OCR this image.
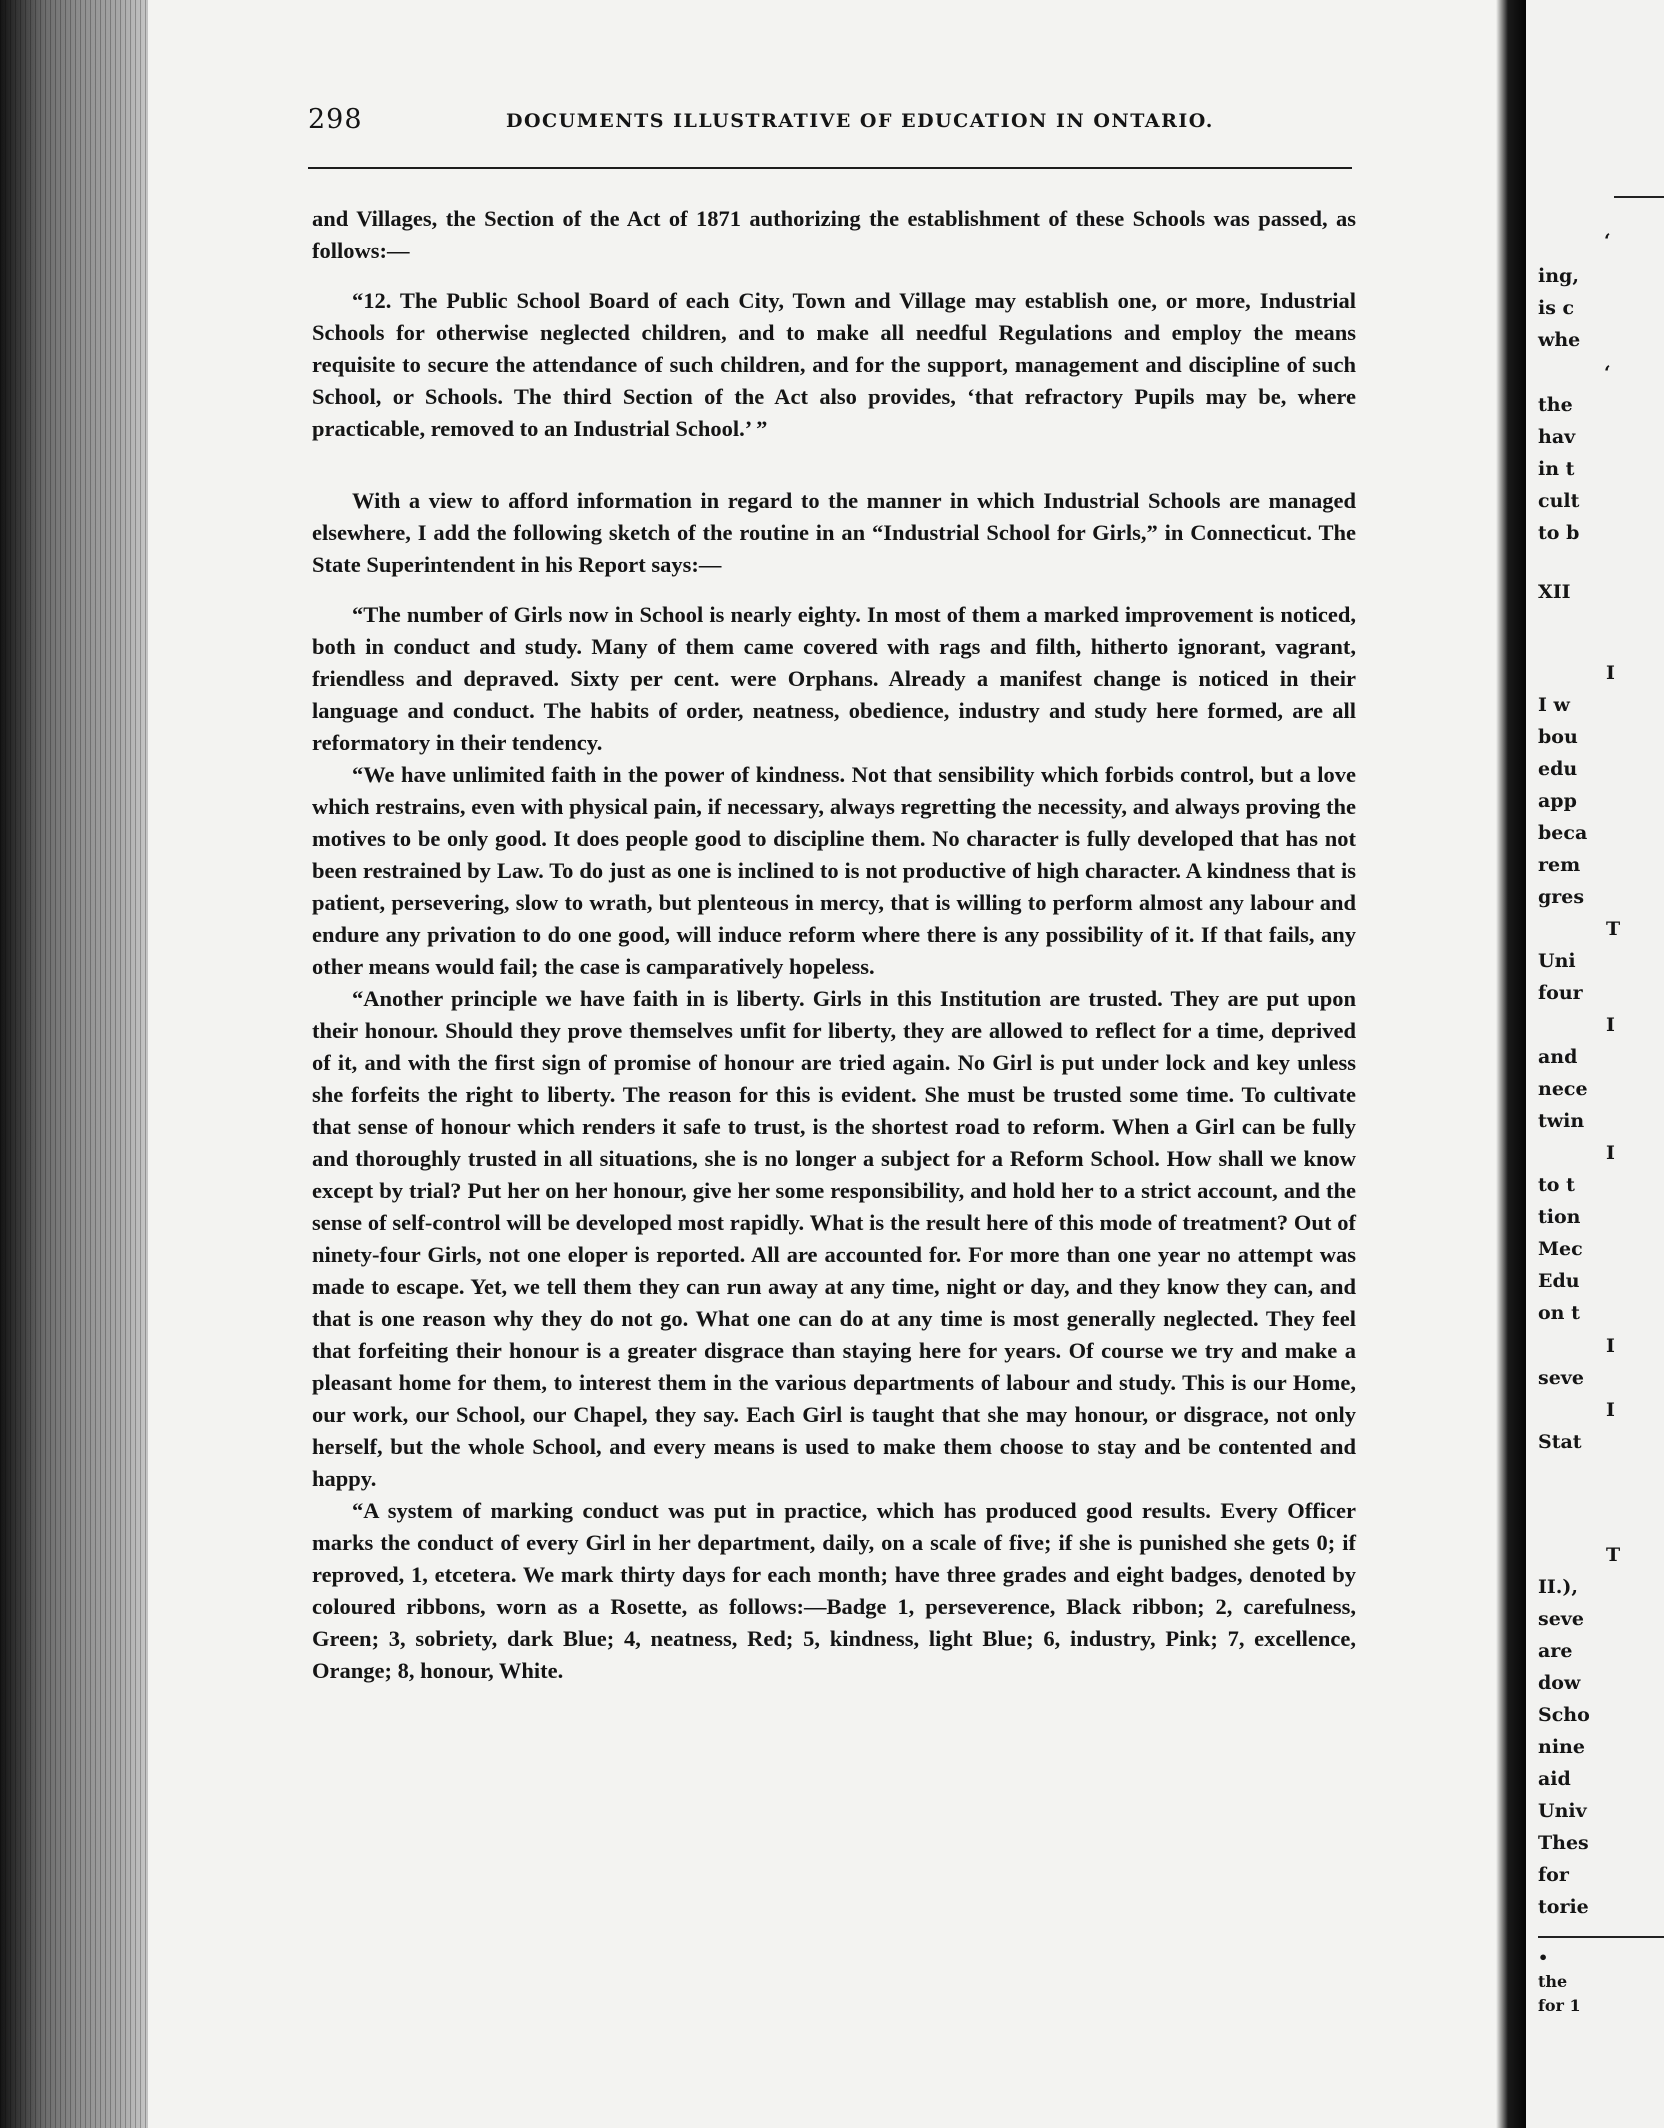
298	DOCUMENTS ILLUSTRATIVE OF EDUCATION IN ONTARIO.

and Villages, the Section of the Act of 1871 authorizing the establishment of these Schools was passed, as follows:—

“12. The Public School Board of each City, Town and Village may establish one, or more, Industrial Schools for otherwise neglected children, and to make all needful Regulations and employ the means requisite to secure the attendance of such children, and for the support, management and discipline of such School, or Schools. The third Section of the Act also provides, ‘that refractory Pupils may be, where practicable, removed to an Industrial School.’ ”

With a view to afford information in regard to the manner in which Industrial Schools are managed elsewhere, I add the following sketch of the routine in an “Industrial School for Girls,” in Connecticut. The State Superintendent in his Report says:—

“The number of Girls now in School is nearly eighty. In most of them a marked improvement is noticed, both in conduct and study. Many of them came covered with rags and filth, hitherto ignorant, vagrant, friendless and depraved. Sixty per cent. were Orphans. Already a manifest change is noticed in their language and conduct. The habits of order, neatness, obedience, industry and study here formed, are all reformatory in their tendency.

“We have unlimited faith in the power of kindness. Not that sensibility which forbids control, but a love which restrains, even with physical pain, if necessary, always regretting the necessity, and always proving the motives to be only good. It does people good to discipline them. No character is fully developed that has not been restrained by Law. To do just as one is inclined to is not productive of high character. A kindness that is patient, persevering, slow to wrath, but plenteous in mercy, that is willing to perform almost any labour and endure any privation to do one good, will induce reform where there is any possibility of it. If that fails, any other means would fail; the case is camparatively hopeless.

“Another principle we have faith in is liberty. Girls in this Institution are trusted. They are put upon their honour. Should they prove themselves unfit for liberty, they are allowed to reflect for a time, deprived of it, and with the first sign of promise of honour are tried again. No Girl is put under lock and key unless she forfeits the right to liberty. The reason for this is evident. She must be trusted some time. To cultivate that sense of honour which renders it safe to trust, is the shortest road to reform. When a Girl can be fully and thoroughly trusted in all situations, she is no longer a subject for a Reform School. How shall we know except by trial? Put her on her honour, give her some responsibility, and hold her to a strict account, and the sense of self-control will be developed most rapidly. What is the result here of this mode of treatment? Out of ninety-four Girls, not one eloper is reported. All are accounted for. For more than one year no attempt was made to escape. Yet, we tell them they can run away at any time, night or day, and they know they can, and that is one reason why they do not go. What one can do at any time is most generally neglected. They feel that forfeiting their honour is a greater disgrace than staying here for years. Of course we try and make a pleasant home for them, to interest them in the various departments of labour and study. This is our Home, our work, our School, our Chapel, they say. Each Girl is taught that she may honour, or disgrace, not only herself, but the whole School, and every means is used to make them choose to stay and be contented and happy.

“A system of marking conduct was put in practice, which has produced good results. Every Officer marks the conduct of every Girl in her department, daily, on a scale of five; if she is punished she gets 0; if reproved, 1, etcetera. We mark thirty days for each month; have three grades and eight badges, denoted by coloured ribbons, worn as a Rosette, as follows:—Badge 1, perseverence, Black ribbon; 2, carefulness, Green; 3, sobriety, dark Blue; 4, neatness, Red; 5, kindness, light Blue; 6, industry, Pink; 7, excellence, Orange; 8, honour, White.

‘
ing,
is c
whe
‘
the
hav
in t
cult
to b
XII
I
I w
bou
edu
app
beca
rem
gres
T
Uni
four
I
and
nece
twin
I
to t
tion
Mec
Edu
on t
I
seve
I
Stat
T
II.),
seve
are
dow
Scho
nine
aid
Univ
Thes
for
torie
•
the
for 1
